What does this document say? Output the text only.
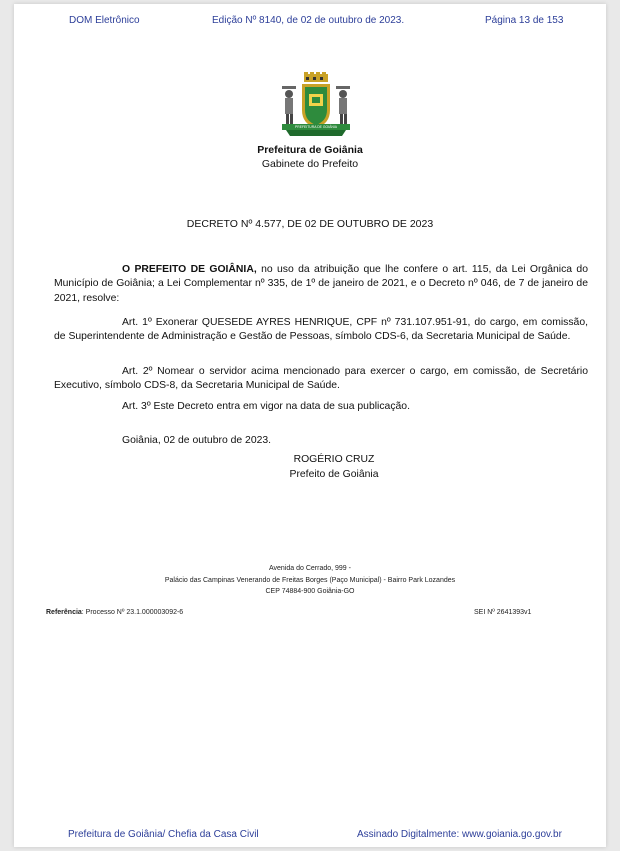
DOM Eletrônico	Edição Nº 8140, de 02 de outubro de 2023.	Página 13 de 153
PREFEITURA DE GOIÂNIA
Prefeitura de Goiânia
Gabinete do Prefeito
DECRETO Nº 4.577, DE 02 DE OUTUBRO DE 2023
O PREFEITO DE GOIÂNIA, no uso da atribuição que lhe confere o art. 115, da Lei Orgânica do Município de Goiânia; a Lei Complementar nº 335, de 1º de janeiro de 2021, e o Decreto nº 046, de 7 de janeiro de 2021, resolve:
Art. 1º Exonerar QUESEDE AYRES HENRIQUE, CPF nº 731.107.951-91, do cargo, em comissão, de Superintendente de Administração e Gestão de Pessoas, símbolo CDS-6, da Secretaria Municipal de Saúde.
Art. 2º Nomear o servidor acima mencionado para exercer o cargo, em comissão, de Secretário Executivo, símbolo CDS-8, da Secretaria Municipal de Saúde.
Art. 3º Este Decreto entra em vigor na data de sua publicação.
Goiânia, 02 de outubro de 2023.
ROGÉRIO CRUZ
Prefeito de Goiânia
Avenida do Cerrado, 999 -
Palácio das Campinas Venerando de Freitas Borges (Paço Municipal) - Bairro Park Lozandes
CEP 74884-900 Goiânia-GO
Referência: Processo Nº 23.1.000003092-6	SEI Nº 2641393v1
Prefeitura de Goiânia/ Chefia da Casa Civil	Assinado Digitalmente: www.goiania.go.gov.br
